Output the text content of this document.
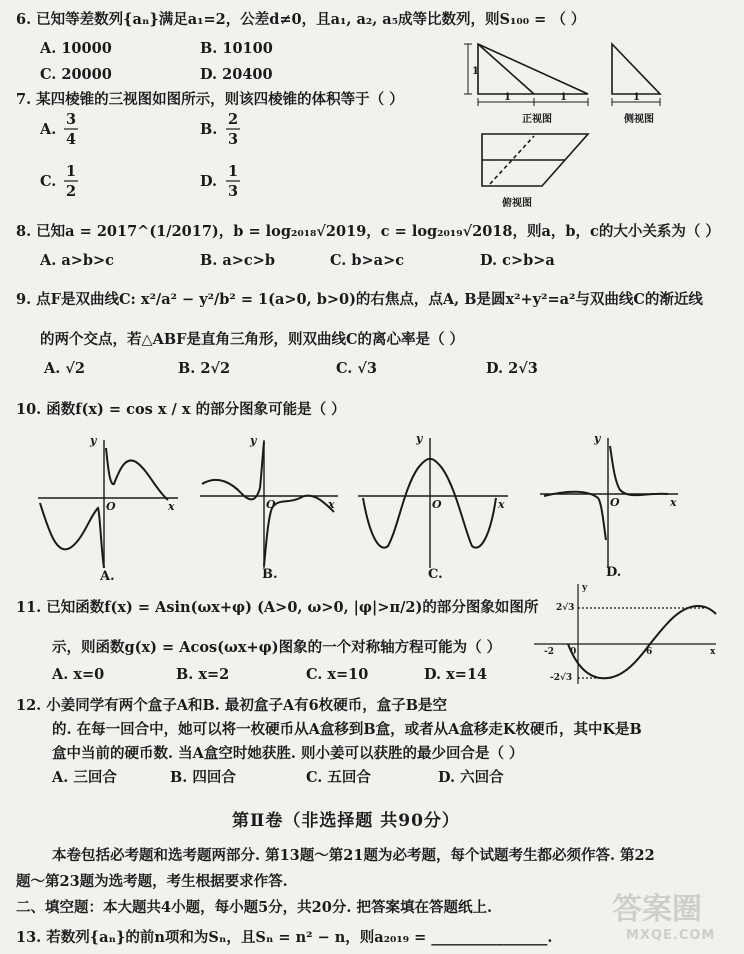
6. 已知等差数列{aₙ}满足a₁=2，公差d≠0，且a₁, a₂, a₅成等比数列，则S₁₀₀ = （ ）
A. 10000	B. 10100
C. 20000	D. 20400
7. 某四棱锥的三视图如图所示，则该四棱锥的体积等于（ ）
A.
3
4
B.
2
3
C.
1
2
D.
1
3
1
1	1
正视图
1
侧视图
俯视图
8. 已知a = 2017^(1/2017)，b = log₂₀₁₈√2019，c = log₂₀₁₉√2018，则a，b，c的大小关系为（ ）
A. a>b>c	B. a>c>b	C. b>a>c	D. c>b>a
9. 点F是双曲线C: x²/a² − y²/b² = 1(a>0, b>0)的右焦点，点A, B是圆x²+y²=a²与双曲线C的渐近线
的两个交点，若△ABF是直角三角形，则双曲线C的离心率是（ ）
A. √2	B. 2√2	C. √3	D. 2√3
10. 函数f(x) = cos x / x 的部分图象可能是（ ）
y
x
O
y
x
O
y
x
O
y
x
O
A.	B.	C.	D.
11. 已知函数f(x) = Asin(ωx+φ) (A>0, ω>0, |φ|>π/2)的部分图象如图所
示，则函数g(x) = Acos(ωx+φ)图象的一个对称轴方程可能为（ ）
A. x=0	B. x=2	C. x=10	D. x=14
y
2√3
-2√3
-2 0	6	x
12. 小姜同学有两个盒子A和B. 最初盒子A有6枚硬币，盒子B是空
的. 在每一回合中，她可以将一枚硬币从A盒移到B盒，或者从A盒移走K枚硬币，其中K是B
盒中当前的硬币数. 当A盒空时她获胜. 则小姜可以获胜的最少回合是（ ）
A. 三回合	B. 四回合	C. 五回合	D. 六回合
第Ⅱ卷（非选择题 共90分）
本卷包括必考题和选考题两部分. 第13题～第21题为必考题，每个试题考生都必须作答. 第22
题～第23题为选考题，考生根据要求作答.
二、填空题：本大题共4小题，每小题5分，共20分. 把答案填在答题纸上.
13. 若数列{aₙ}的前n项和为Sₙ，且Sₙ = n² − n，则a₂₀₁₉ = ________________.
答案圈
MXQE.COM
